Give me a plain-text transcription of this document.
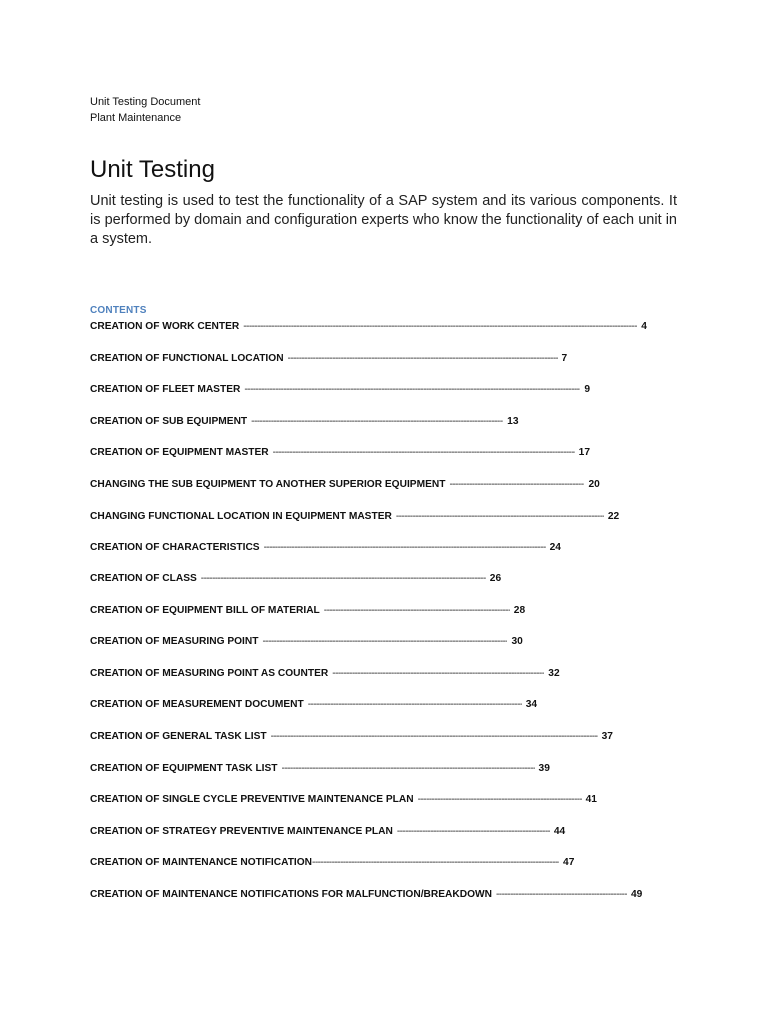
Unit Testing Document
Plant Maintenance
Unit Testing

Unit testing is used to test the functionality of a SAP system and its various components. It is performed by domain and configuration experts who know the functionality of each unit in a system.

CONTENTS
CREATION OF WORK CENTER -----	4
CREATION OF FUNCTIONAL LOCATION -----	7
CREATION OF FLEET MASTER -----	9
CREATION OF SUB EQUIPMENT -----	13
CREATION OF EQUIPMENT MASTER -----	17
CHANGING THE SUB EQUIPMENT TO ANOTHER SUPERIOR EQUIPMENT -----	20
CHANGING FUNCTIONAL LOCATION IN EQUIPMENT MASTER -----	22
CREATION OF CHARACTERISTICS -----	24
CREATION OF CLASS -----	26
CREATION OF EQUIPMENT BILL OF MATERIAL -----	28
CREATION OF MEASURING POINT -----	30
CREATION OF MEASURING POINT AS COUNTER -----	32
CREATION OF MEASUREMENT DOCUMENT -----	34
CREATION OF GENERAL TASK LIST -----	37
CREATION OF EQUIPMENT TASK LIST -----	39
CREATION OF SINGLE CYCLE PREVENTIVE MAINTENANCE PLAN -----	41
CREATION OF STRATEGY PREVENTIVE MAINTENANCE PLAN -----	44
CREATION OF MAINTENANCE NOTIFICATION -----	47
CREATION OF MAINTENANCE NOTIFICATIONS FOR MALFUNCTION/BREAKDOWN -----	49
